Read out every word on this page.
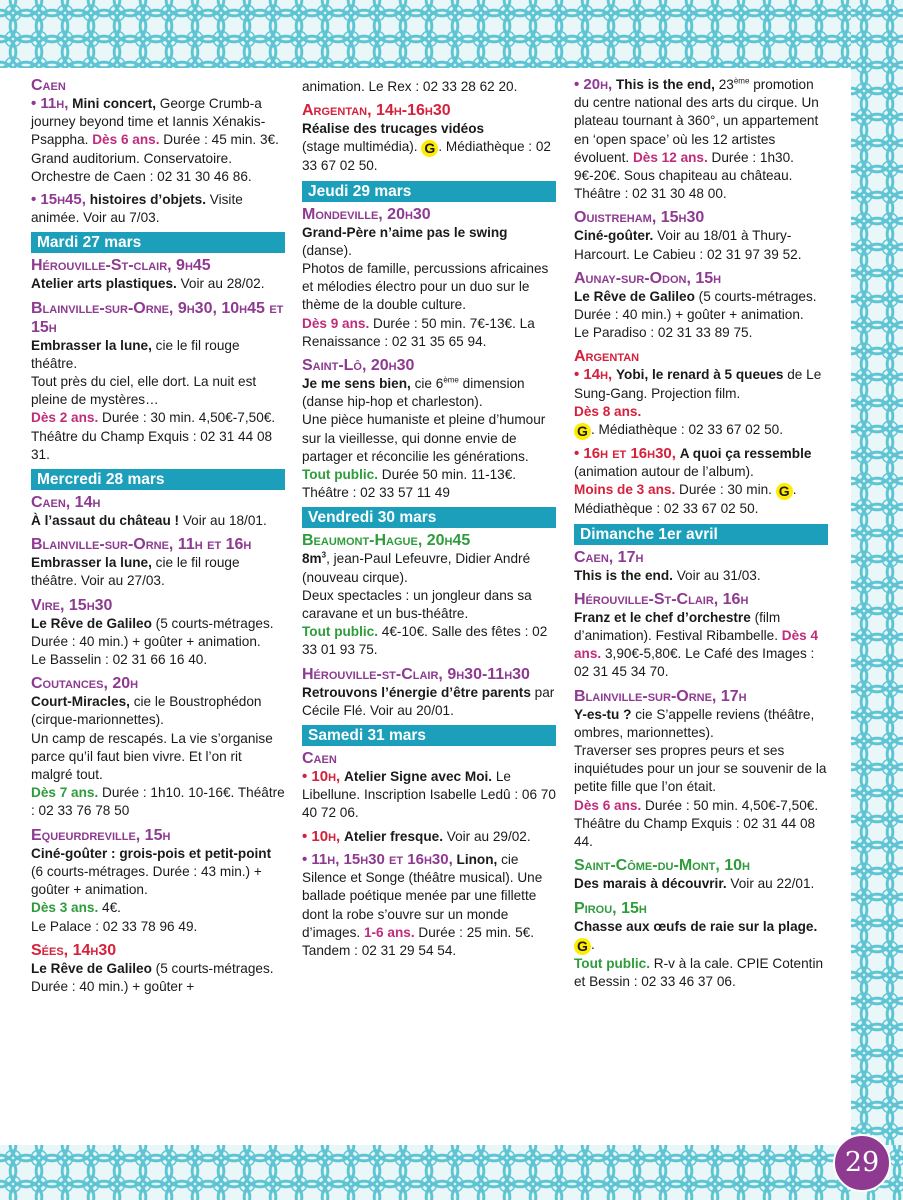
Caen
• 11h, Mini concert, George Crumb-a journey beyond time et Iannis Xénakis-Psappha. Dès 6 ans. Durée : 45 min. 3€. Grand auditorium. Conservatoire. Orchestre de Caen : 02 31 30 46 86.
• 15h45, histoires d’objets. Visite animée. Voir au 7/03.
Mardi 27 mars
Hérouville-St-clair, 9h45
Atelier arts plastiques. Voir au 28/02.
Blainville-sur-Orne, 9h30, 10h45 et 15h
Embrasser la lune, cie le fil rouge théâtre.
Tout près du ciel, elle dort. La nuit est pleine de mystères…
Dès 2 ans. Durée : 30 min. 4,50€-7,50€. Théâtre du Champ Exquis : 02 31 44 08 31.
Mercredi 28 mars
Caen, 14h
À l’assaut du château ! Voir au 18/01.
Blainville-sur-Orne, 11h et 16h
Embrasser la lune, cie le fil rouge théâtre. Voir au 27/03.
Vire, 15h30
Le Rêve de Galileo (5 courts-métrages. Durée : 40 min.) + goûter + animation.
Le Basselin : 02 31 66 16 40.
Coutances, 20h
Court-Miracles, cie le Boustrophédon (cirque-marionnettes).
Un camp de rescapés. La vie s’organise parce qu’il faut bien vivre. Et l’on rit malgré tout.
Dès 7 ans. Durée : 1h10. 10-16€. Théâtre : 02 33 76 78 50
Equeurdreville, 15h
Ciné-goûter : grois-pois et petit-point (6 courts-métrages. Durée : 43 min.) + goûter + animation.
Dès 3 ans. 4€.
Le Palace : 02 33 78 96 49.
Sées, 14h30
Le Rêve de Galileo (5 courts-métrages. Durée : 40 min.) + goûter +
animation. Le Rex : 02 33 28 62 20.
Argentan, 14h-16h30
Réalise des trucages vidéos
(stage multimédia). G . Médiathèque : 02 33 67 02 50.
Jeudi 29 mars
Mondeville, 20h30
Grand-Père n’aime pas le swing (danse).
Photos de famille, percussions africaines et mélodies électro pour un duo sur le thème de la double culture.
Dès 9 ans. Durée : 50 min. 7€-13€. La Renaissance : 02 31 35 65 94.
Saint-Lô, 20h30
Je me sens bien, cie 6ème dimension (danse hip-hop et charleston).
Une pièce humaniste et pleine d’humour sur la vieillesse, qui donne envie de partager et réconcilie les générations.
Tout public. Durée 50 min. 11-13€. Théâtre : 02 33 57 11 49
Vendredi 30 mars
Beaumont-Hague, 20h45
$8m^3$, jean-Paul Lefeuvre, Didier André (nouveau cirque).
Deux spectacles : un jongleur dans sa caravane et un bus-théâtre.
Tout public. 4€-10€. Salle des fêtes : 02 33 01 93 75.
Hérouville-st-Clair, 9h30-11h30
Retrouvons l’énergie d’être parents par Cécile Flé. Voir au 20/01.
Samedi 31 mars
Caen
• 10h, Atelier Signe avec Moi. Le Libellune. Inscription Isabelle Ledû : 06 70 40 72 06.
• 10h, Atelier fresque. Voir au 29/02.
• 11h, 15h30 et 16h30, Linon, cie Silence et Songe (théâtre musical). Une ballade poétique menée par une fillette dont la robe s’ouvre sur un monde d’images. 1-6 ans. Durée : 25 min. 5€. Tandem : 02 31 29 54 54.
• 20h, This is the end, 23ème promotion du centre national des arts du cirque. Un plateau tournant à 360°, un appartement en ‘open space’ où les 12 artistes évoluent. Dès 12 ans. Durée : 1h30. 9€-20€. Sous chapiteau au château. Théâtre : 02 31 30 48 00.
Ouistreham, 15h30
Ciné-goûter. Voir au 18/01 à Thury-Harcourt. Le Cabieu : 02 31 97 39 52.
Aunay-sur-Odon, 15h
Le Rêve de Galileo (5 courts-métrages. Durée : 40 min.) + goûter + animation.
Le Paradiso : 02 31 33 89 75.
Argentan
• 14h, Yobi, le renard à 5 queues de Le Sung-Gang. Projection film.
Dès 8 ans.
G . Médiathèque : 02 33 67 02 50.
• 16h et 16h30, A quoi ça ressemble (animation autour de l’album).
Moins de 3 ans. Durée : 30 min. G .
Médiathèque : 02 33 67 02 50.
Dimanche 1er avril
Caen, 17h
This is the end. Voir au 31/03.
Hérouville-St-Clair, 16h
Franz et le chef d’orchestre (film d’animation). Festival Ribambelle. Dès 4 ans. 3,90€-5,80€. Le Café des Images : 02 31 45 34 70.
Blainville-sur-Orne, 17h
Y-es-tu ? cie S’appelle reviens (théâtre, ombres, marionnettes).
Traverser ses propres peurs et ses inquiétudes pour un jour se souvenir de la petite fille que l’on était.
Dès 6 ans. Durée : 50 min. 4,50€-7,50€. Théâtre du Champ Exquis : 02 31 44 08 44.
Saint-Côme-du-Mont, 10h
Des marais à découvrir. Voir au 22/01.
Pirou, 15h
Chasse aux œufs de raie sur la plage. G .
Tout public. R-v à la cale. CPIE Cotentin et Bessin : 02 33 46 37 06.
29
